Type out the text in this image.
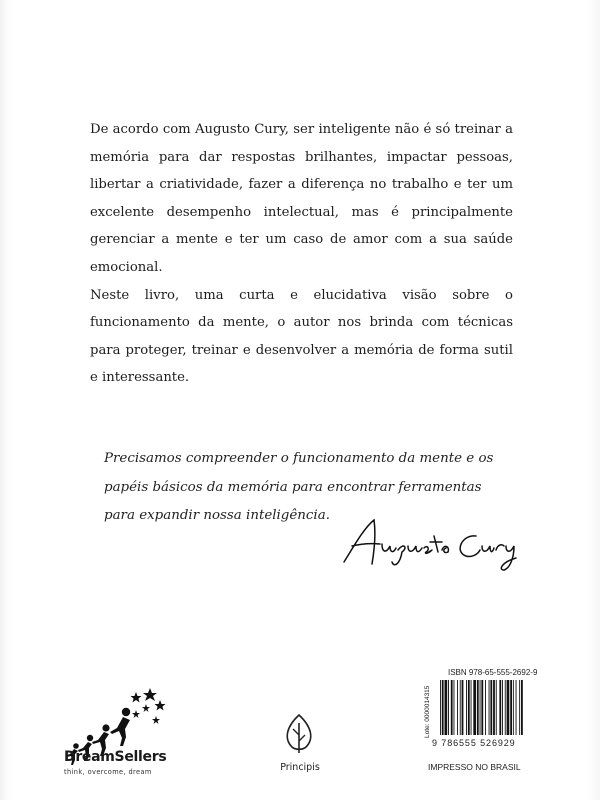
De acordo com Augusto Cury, ser inteligente não é só treinar a memória para dar respostas brilhantes, impactar pessoas, libertar a criatividade, fazer a diferença no trabalho e ter um excelente desempenho intelectual, mas é principalmente gerenciar a mente e ter um caso de amor com a sua saúde emocional.

Neste livro, uma curta e elucidativa visão sobre o funcionamento da mente, o autor nos brinda com técnicas para proteger, treinar e desenvolver a memória de forma sutil e interessante.

Precisamos compreender o funcionamento da mente e os papéis básicos da memória para encontrar ferramentas para expandir nossa inteligência.
DreamSellers
think, overcome, dream	Principis
ISBN 978-65-555-2692-9
Lote: 0000014315
9 786555 526929
IMPRESSO NO BRASIL
